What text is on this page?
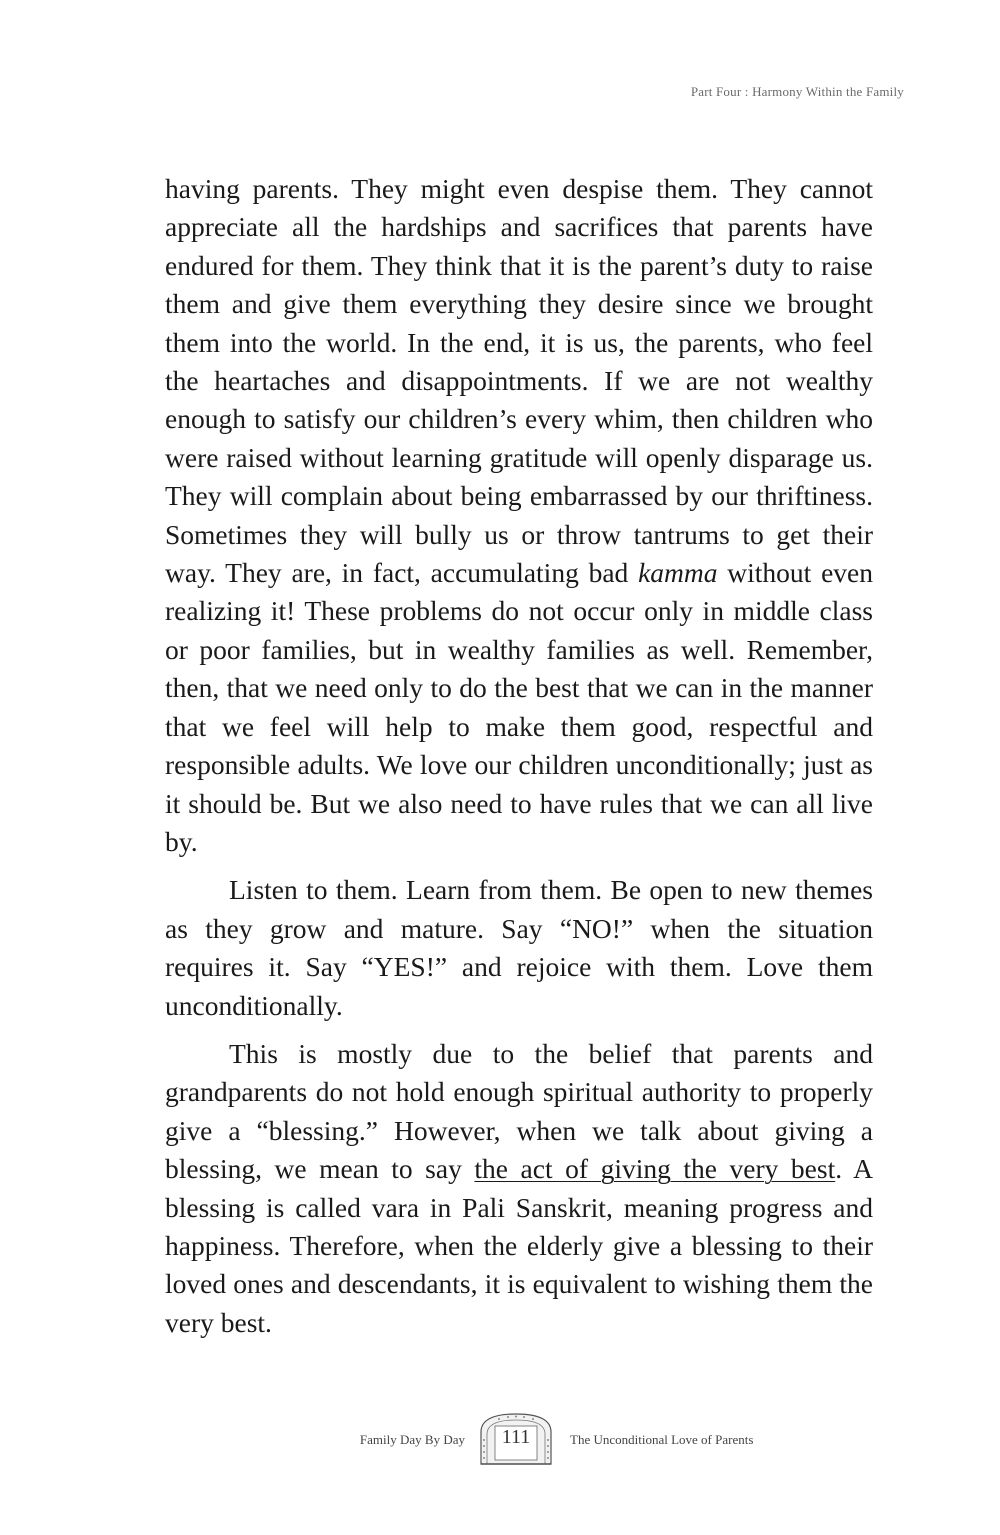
Part Four : Harmony Within the Family

having parents. They might even despise them. They cannot appreciate all the hardships and sacrifices that parents have endured for them. They think that it is the parent’s duty to raise them and give them everything they desire since we brought them into the world. In the end, it is us, the parents, who feel the heartaches and disappointments. If we are not wealthy enough to satisfy our children’s every whim, then children who were raised without learning gratitude will openly disparage us. They will complain about being embarrassed by our thriftiness. Sometimes they will bully us or throw tantrums to get their way. They are, in fact, accumulating bad kamma without even realizing it! These problems do not occur only in middle class or poor families, but in wealthy families as well. Remember, then, that we need only to do the best that we can in the manner that we feel will help to make them good, respectful and responsible adults. We love our children unconditionally; just as it should be. But we also need to have rules that we can all live by.

Listen to them. Learn from them. Be open to new themes as they grow and mature. Say “NO!” when the situation requires it. Say “YES!” and rejoice with them. Love them unconditionally.

This is mostly due to the belief that parents and grandparents do not hold enough spiritual authority to properly give a “blessing.” However, when we talk about giving a blessing, we mean to say the act of giving the very best. A blessing is called vara in Pali Sanskrit, meaning progress and happiness. Therefore, when the elderly give a blessing to their loved ones and descendants, it is equivalent to wishing them the very best.

Family Day By Day	111	The Unconditional Love of Parents
